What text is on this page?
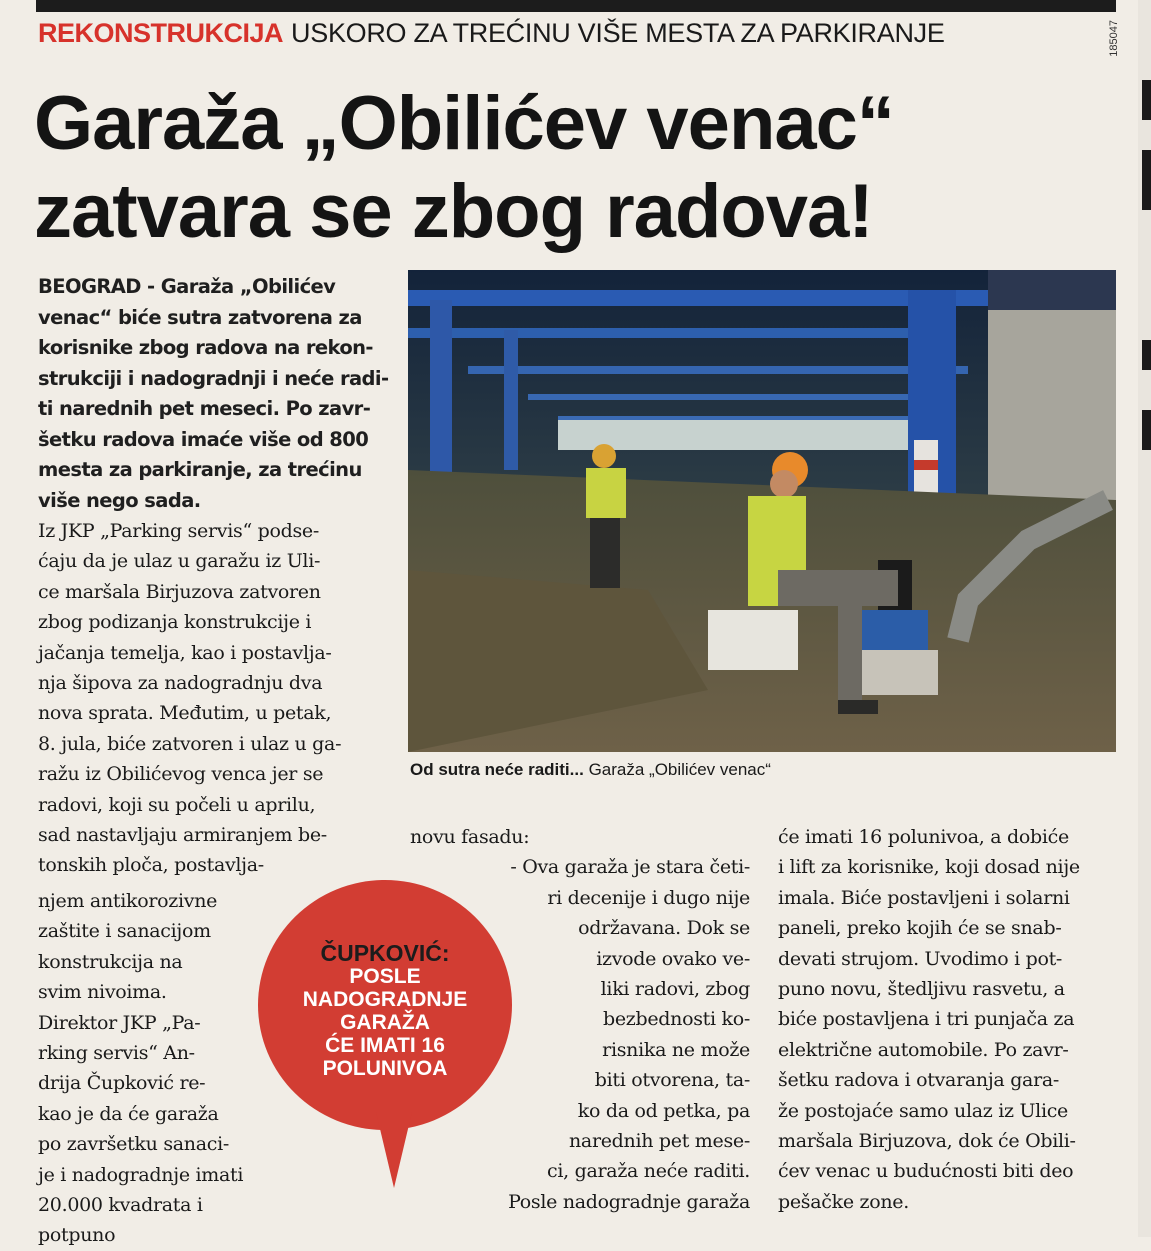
REKONSTRUKCIJA USKORO ZA TREĆINU VIŠE MESTA ZA PARKIRANJE	185047
Garaža „Obilićev venac“
zatvara se zbog radova!
BEOGRAD - Garaža „Obilićev
venac“ biće sutra zatvorena za
korisnike zbog radova na rekon-
strukciji i nadogradnji i neće radi-
ti narednih pet meseci. Po zavr-
šetku radova imaće više od 800
mesta za parkiranje, za trećinu
više nego sada.

Iz JKP „Parking servis“ podse-

ćaju da je ulaz u garažu iz Uli-

ce maršala Birjuzova zatvoren

zbog podizanja konstrukcije i

jačanja temelja, kao i postavlja-

nja šipova za nadogradnju dva

nova sprata. Međutim, u petak,

8. jula, biće zatvoren i ulaz u ga-

ražu iz Obilićevog venca jer se

radovi, koji su počeli u aprilu,

sad nastavljaju armiranjem be-

tonskih ploča, postavlja-

njem antikorozivne

zaštite i sanacijom

konstrukcija na

svim nivoima.

Direktor JKP „Pa-

rking servis“ An-

drija Čupković re-

kao je da će garaža

po završetku sanaci-

je i nadogradnje imati

20.000 kvadrata i potpuno

Od sutra neće raditi... Garaža „Obilićev venac“
ČUPKOVIĆ:
POSLE
NADOGRADNJE
GARAŽA
ĆE IMATI 16
POLUNIVOA

novu fasadu:

- Ova garaža je stara četi-

ri decenije i dugo nije

održavana. Dok se

izvode ovako ve-

liki radovi, zbog

bezbednosti ko-

risnika ne može

biti otvorena, ta-

ko da od petka, pa

narednih pet mese-

ci, garaža neće raditi.

Posle nadogradnje garaža

će imati 16 polunivoa, a dobiće

i lift za korisnike, koji dosad nije

imala. Biće postavljeni i solarni

paneli, preko kojih će se snab-

devati strujom. Uvodimo i pot-

puno novu, štedljivu rasvetu, a

biće postavljena i tri punjača za

električne automobile. Po zavr-

šetku radova i otvaranja gara-

že postojaće samo ulaz iz Ulice

maršala Birjuzova, dok će Obili-

ćev venac u budućnosti biti deo

pešačke zone.
